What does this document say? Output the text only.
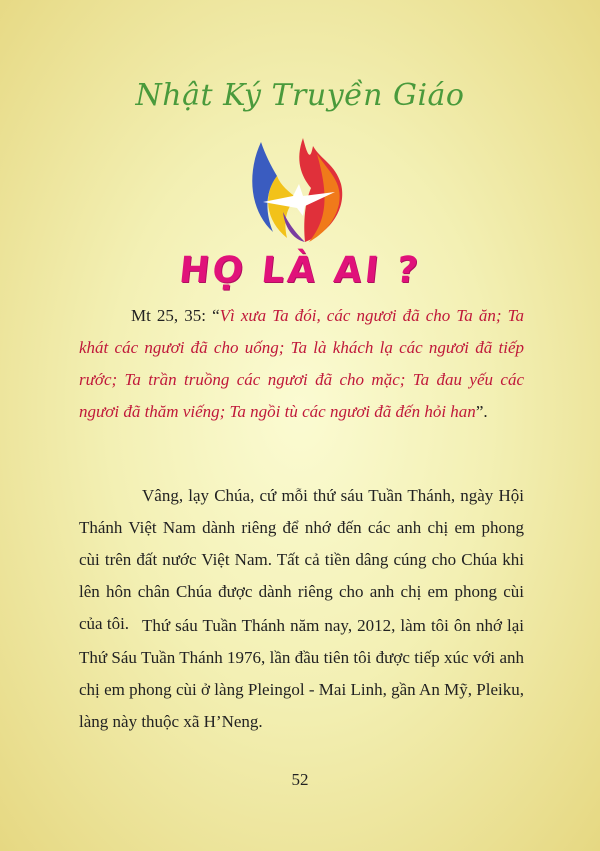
Nhật Ký Truyền Giáo
HỌ LÀ AI ?
Mt 25, 35: “Vì xưa Ta đói, các ngươi đã cho Ta ăn; Ta khát các ngươi đã cho uống; Ta là khách lạ các ngươi đã tiếp rước; Ta trần truồng các ngươi đã cho mặc; Ta đau yếu các ngươi đã thăm viếng; Ta ngồi tù các ngươi đã đến hỏi han”.
Vâng, lạy Chúa, cứ mỗi thứ sáu Tuần Thánh, ngày Hội Thánh Việt Nam dành riêng để nhớ đến các anh chị em phong cùi trên đất nước Việt Nam. Tất cả tiền dâng cúng cho Chúa khi lên hôn chân Chúa được dành riêng cho anh chị em phong cùi của tôi. Thứ sáu Tuần Thánh năm nay, 2012, làm tôi ôn nhớ lại Thứ Sáu Tuần Thánh 1976, lần đầu tiên tôi được tiếp xúc với anh chị em phong cùi ở làng Pleingol - Mai Linh, gần An Mỹ, Pleiku, làng này thuộc xã H’Neng.
52
